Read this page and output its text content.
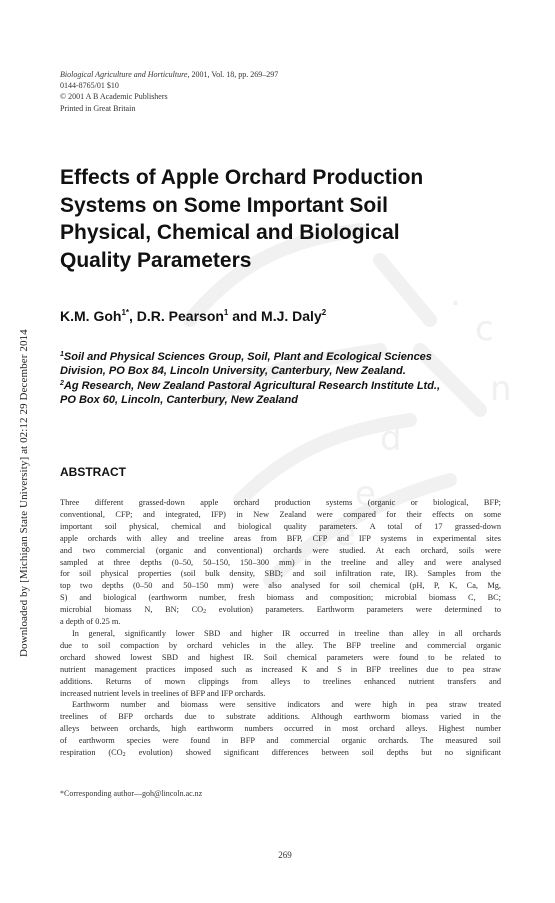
.
c
n
d
e
e
Downloaded by [Michigan State University] at 02:12 29 December 2014
Biological Agriculture and Horticulture, 2001, Vol. 18, pp. 269–297
0144-8765/01 $10
© 2001 A B Academic Publishers
Printed in Great Britain
Effects of Apple Orchard Production
Systems on Some Important Soil
Physical, Chemical and Biological
Quality Parameters
K.M. Goh$^{1*}$, D.R. Pearson$^1$ and M.J. Daly$^2$
$^1$Soil and Physical Sciences Group, Soil, Plant and Ecological Sciences
Division, PO Box 84, Lincoln University, Canterbury, New Zealand.
$^2$Ag Research, New Zealand Pastoral Agricultural Research Institute Ltd.,
PO Box 60, Lincoln, Canterbury, New Zealand
ABSTRACT
Three different grassed-down apple orchard production systems (organic or biological, BFP;
conventional, CFP; and integrated, IFP) in New Zealand were compared for their effects on some
important soil physical, chemical and biological quality parameters. A total of 17 grassed-down
apple orchards with alley and treeline areas from BFP, CFP and IFP systems in experimental sites
and two commercial (organic and conventional) orchards were studied. At each orchard, soils were
sampled at three depths (0–50, 50–150, 150–300 mm) in the treeline and alley and were analysed
for soil physical properties (soil bulk density, SBD; and soil infiltration rate, IR). Samples from the
top two depths (0–50 and 50–150 mm) were also analysed for soil chemical (pH, P, K, Ca, Mg,
S) and biological (earthworm number, fresh biomass and composition; microbial biomass C, BC;
microbial biomass N, BN; $CO_2$ evolution) parameters. Earthworm parameters were determined to
a depth of 0.25 m.
In general, significantly lower SBD and higher IR occurred in treeline than alley in all orchards
due to soil compaction by orchard vehicles in the alley. The BFP treeline and commercial organic
orchard showed lowest SBD and highest IR. Soil chemical parameters were found to be related to
nutrient management practices imposed such as increased K and S in BFP treelines due to pea straw
additions. Returns of mown clippings from alleys to treelines enhanced nutrient transfers and
increased nutrient levels in treelines of BFP and IFP orchards.
Earthworm number and biomass were sensitive indicators and were high in pea straw treated
treelines of BFP orchards due to substrate additions. Although earthworm biomass varied in the
alleys between orchards, high earthworm numbers occurred in most orchard alleys. Highest number
of earthworm species were found in BFP and commercial organic orchards. The measured soil
respiration ($CO_2$ evolution) showed significant differences between soil depths but no significant
*Corresponding author—goh@lincoln.ac.nz
269
